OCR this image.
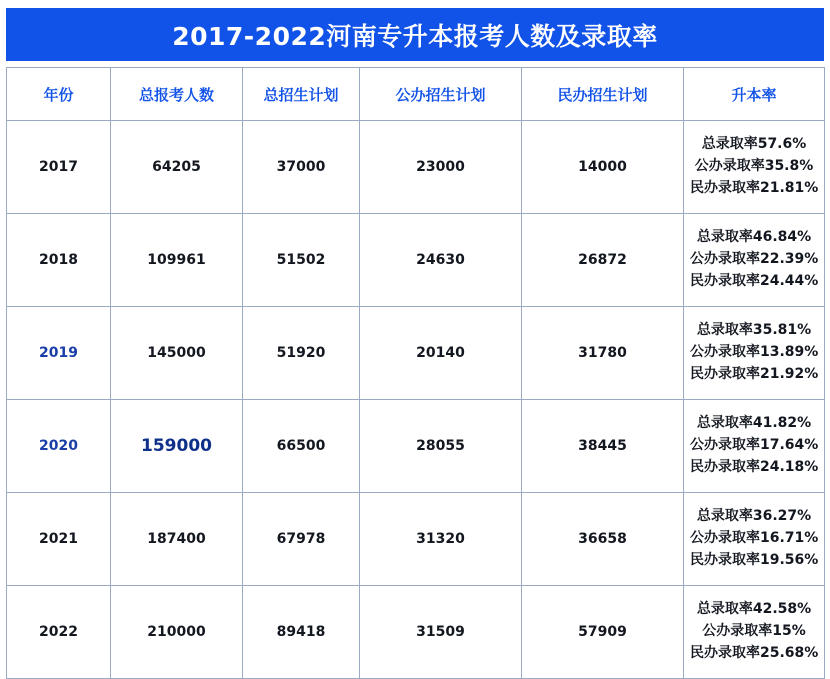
2017-2022河南专升本报考人数及录取率
年份	总报考人数	总招生计划	公办招生计划	民办招生计划	升本率
2017	64205	37000	23000	14000	总录取率57.6%
公办录取率35.8%
民办录取率21.81%

2018	109961	51502	24630	26872	总录取率46.84%
公办录取率22.39%
民办录取率24.44%

2019	145000	51920	20140	31780	总录取率35.81%
公办录取率13.89%
民办录取率21.92%

2020	159000	66500	28055	38445	总录取率41.82%
公办录取率17.64%
民办录取率24.18%

2021	187400	67978	31320	36658	总录取率36.27%
公办录取率16.71%
民办录取率19.56%

2022	210000	89418	31509	57909	总录取率42.58%
公办录取率15%
民办录取率25.68%
